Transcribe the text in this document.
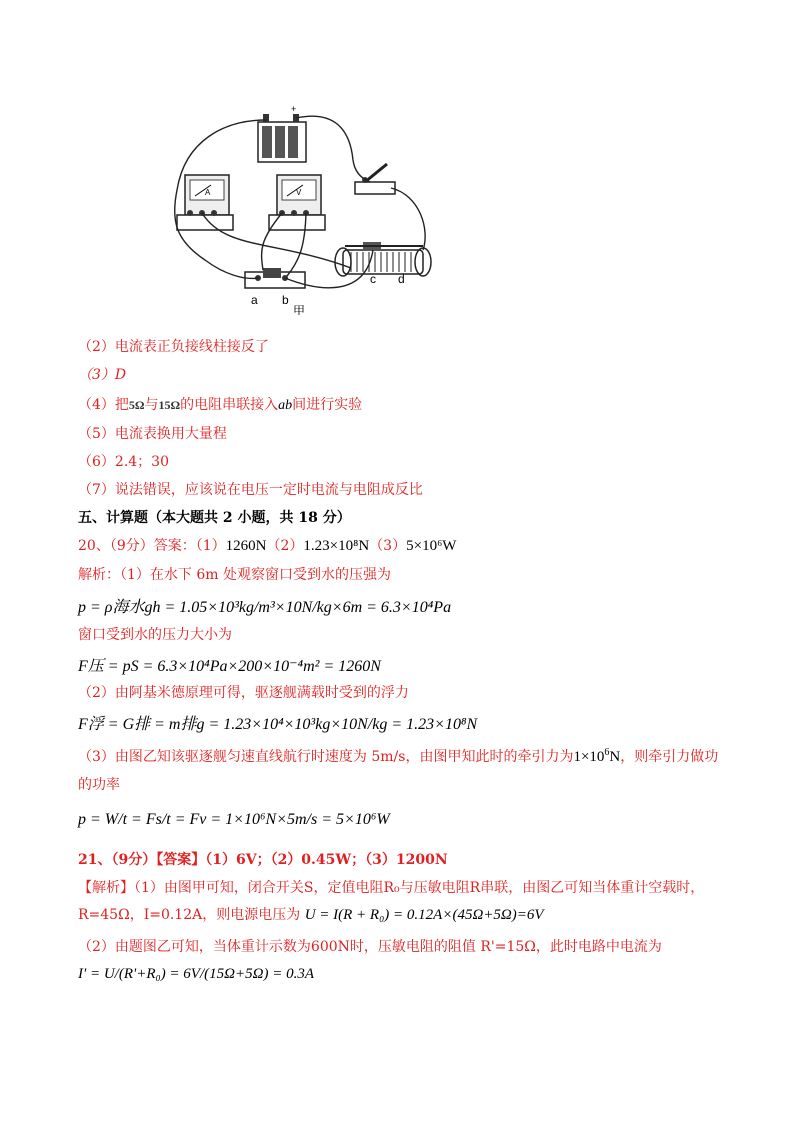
+
A	V
a b
c d
甲
（2）电流表正负接线柱接反了
（3）D
（4）把5Ω与15Ω的电阻串联接入ab间进行实验
（5）电流表换用大量程
（6）2.4；30
（7）说法错误，应该说在电压一定时电流与电阻成反比
五、计算题（本大题共 2 小题，共 18 分）
20、（9分）答案：（1）1260N（2）1.23×10⁸N（3）5×10⁶W
解析：（1）在水下 6m 处观察窗口受到水的压强为
p = ρ海水gh = 1.05×10³kg/m³×10N/kg×6m = 6.3×10⁴Pa
窗口受到水的压力大小为
F压 = pS = 6.3×10⁴Pa×200×10⁻⁴m² = 1260N
（2）由阿基米德原理可得，驱逐舰满载时受到的浮力
F浮 = G排 = m排g = 1.23×10⁴×10³kg×10N/kg = 1.23×10⁸N
（3）由图乙知该驱逐舰匀速直线航行时速度为 5m/s，由图甲知此时的牵引力为$1\times 10^6N$，则牵引力做功
的功率
p = W/t = Fs/t = Fv = 1×10⁶N×5m/s = 5×10⁶W
21、（9分）【答案】（1）6V；（2）0.45W；（3）1200N
【解析】（1）由图甲可知，闭合开关S，定值电阻R₀与压敏电阻R串联，由图乙可知当体重计空载时，
R=45Ω，I=0.12A，则电源电压为 U = I(R + R₀) = 0.12A×(45Ω+5Ω)=6V
（2）由题图乙可知，当体重计示数为600N时，压敏电阻的阻值 R'=15Ω，此时电路中电流为
I' = U/(R'+R₀) = 6V/(15Ω+5Ω) = 0.3A
